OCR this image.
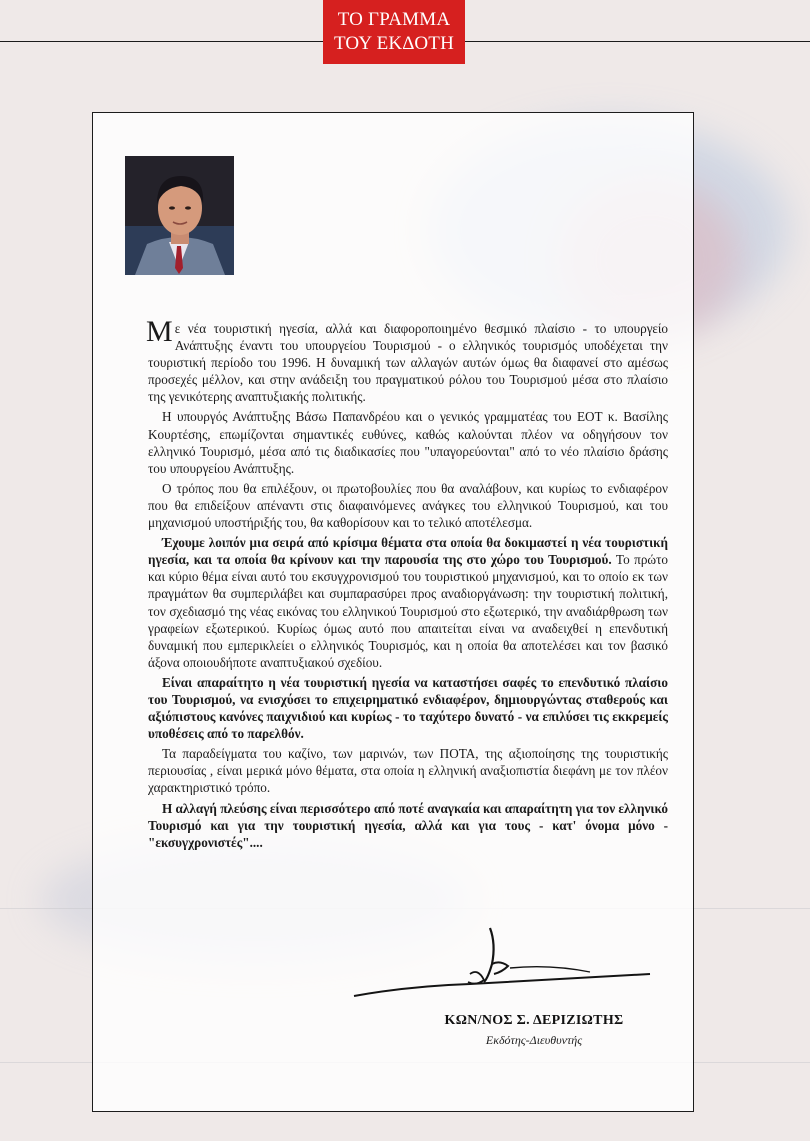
ΤΟ ΓΡΑΜΜΑ
ΤΟΥ ΕΚΔΟΤΗ

Με νέα τουριστική ηγεσία, αλλά και διαφοροποιημένο θεσμικό πλαίσιο - το υπουργείο Ανάπτυξης έναντι του υπουργείου Τουρισμού - ο ελληνικός τουρισμός υποδέχεται την τουριστική περίοδο του 1996. Η δυναμική των αλλαγών αυτών όμως θα διαφανεί στο αμέσως προσεχές μέλλον, και στην ανάδειξη του πραγματικού ρόλου του Τουρισμού μέσα στο πλαίσιο της γενικότερης αναπτυξιακής πολιτικής.

Η υπουργός Ανάπτυξης Βάσω Παπανδρέου και ο γενικός γραμματέας του ΕΟΤ κ. Βασίλης Κουρτέσης, επωμίζονται σημαντικές ευθύνες, καθώς καλούνται πλέον να οδηγήσουν τον ελληνικό Τουρισμό, μέσα από τις διαδικασίες που "υπαγορεύονται" από το νέο πλαίσιο δράσης του υπουργείου Ανάπτυξης.

Ο τρόπος που θα επιλέξουν, οι πρωτοβουλίες που θα αναλάβουν, και κυρίως το ενδιαφέρον που θα επιδείξουν απέναντι στις διαφαινόμενες ανάγκες του ελληνικού Τουρισμού, και του μηχανισμού υποστήριξής του, θα καθορίσουν και το τελικό αποτέλεσμα.

Έχουμε λοιπόν μια σειρά από κρίσιμα θέματα στα οποία θα δοκιμαστεί η νέα τουριστική ηγεσία, και τα οποία θα κρίνουν και την παρουσία της στο χώρο του Τουρισμού. Το πρώτο και κύριο θέμα είναι αυτό του εκσυγχρονισμού του τουριστικού μηχανισμού, και το οποίο εκ των πραγμάτων θα συμπεριλάβει και συμπαρασύρει προς αναδιοργάνωση: την τουριστική πολιτική, τον σχεδιασμό της νέας εικόνας του ελληνικού Τουρισμού στο εξωτερικό, την αναδιάρθρωση των γραφείων εξωτερικού. Κυρίως όμως αυτό που απαιτείται είναι να αναδειχθεί η επενδυτική δυναμική που εμπερικλείει ο ελληνικός Τουρισμός, και η οποία θα αποτελέσει και τον βασικό άξονα οποιουδήποτε αναπτυξιακού σχεδίου.

Είναι απαραίτητο η νέα τουριστική ηγεσία να καταστήσει σαφές το επενδυτικό πλαίσιο του Τουρισμού, να ενισχύσει το επιχειρηματικό ενδιαφέρον, δημιουργώντας σταθερούς και αξιόπιστους κανόνες παιχνιδιού και κυρίως - το ταχύτερο δυνατό - να επιλύσει τις εκκρεμείς υποθέσεις από το παρελθόν.

Τα παραδείγματα του καζίνο, των μαρινών, των ΠΟΤΑ, της αξιοποίησης της τουριστικής περιουσίας , είναι μερικά μόνο θέματα, στα οποία η ελληνική αναξιοπιστία διεφάνη με τον πλέον χαρακτηριστικό τρόπο.

Η αλλαγή πλεύσης είναι περισσότερο από ποτέ αναγκαία και απαραίτητη για τον ελληνικό Τουρισμό και για την τουριστική ηγεσία, αλλά και για τους - κατ' όνομα μόνο - "εκσυγχρονιστές"....

ΚΩΝ/ΝΟΣ Σ. ΔΕΡΙΖΙΩΤΗΣ
Εκδότης-Διευθυντής
